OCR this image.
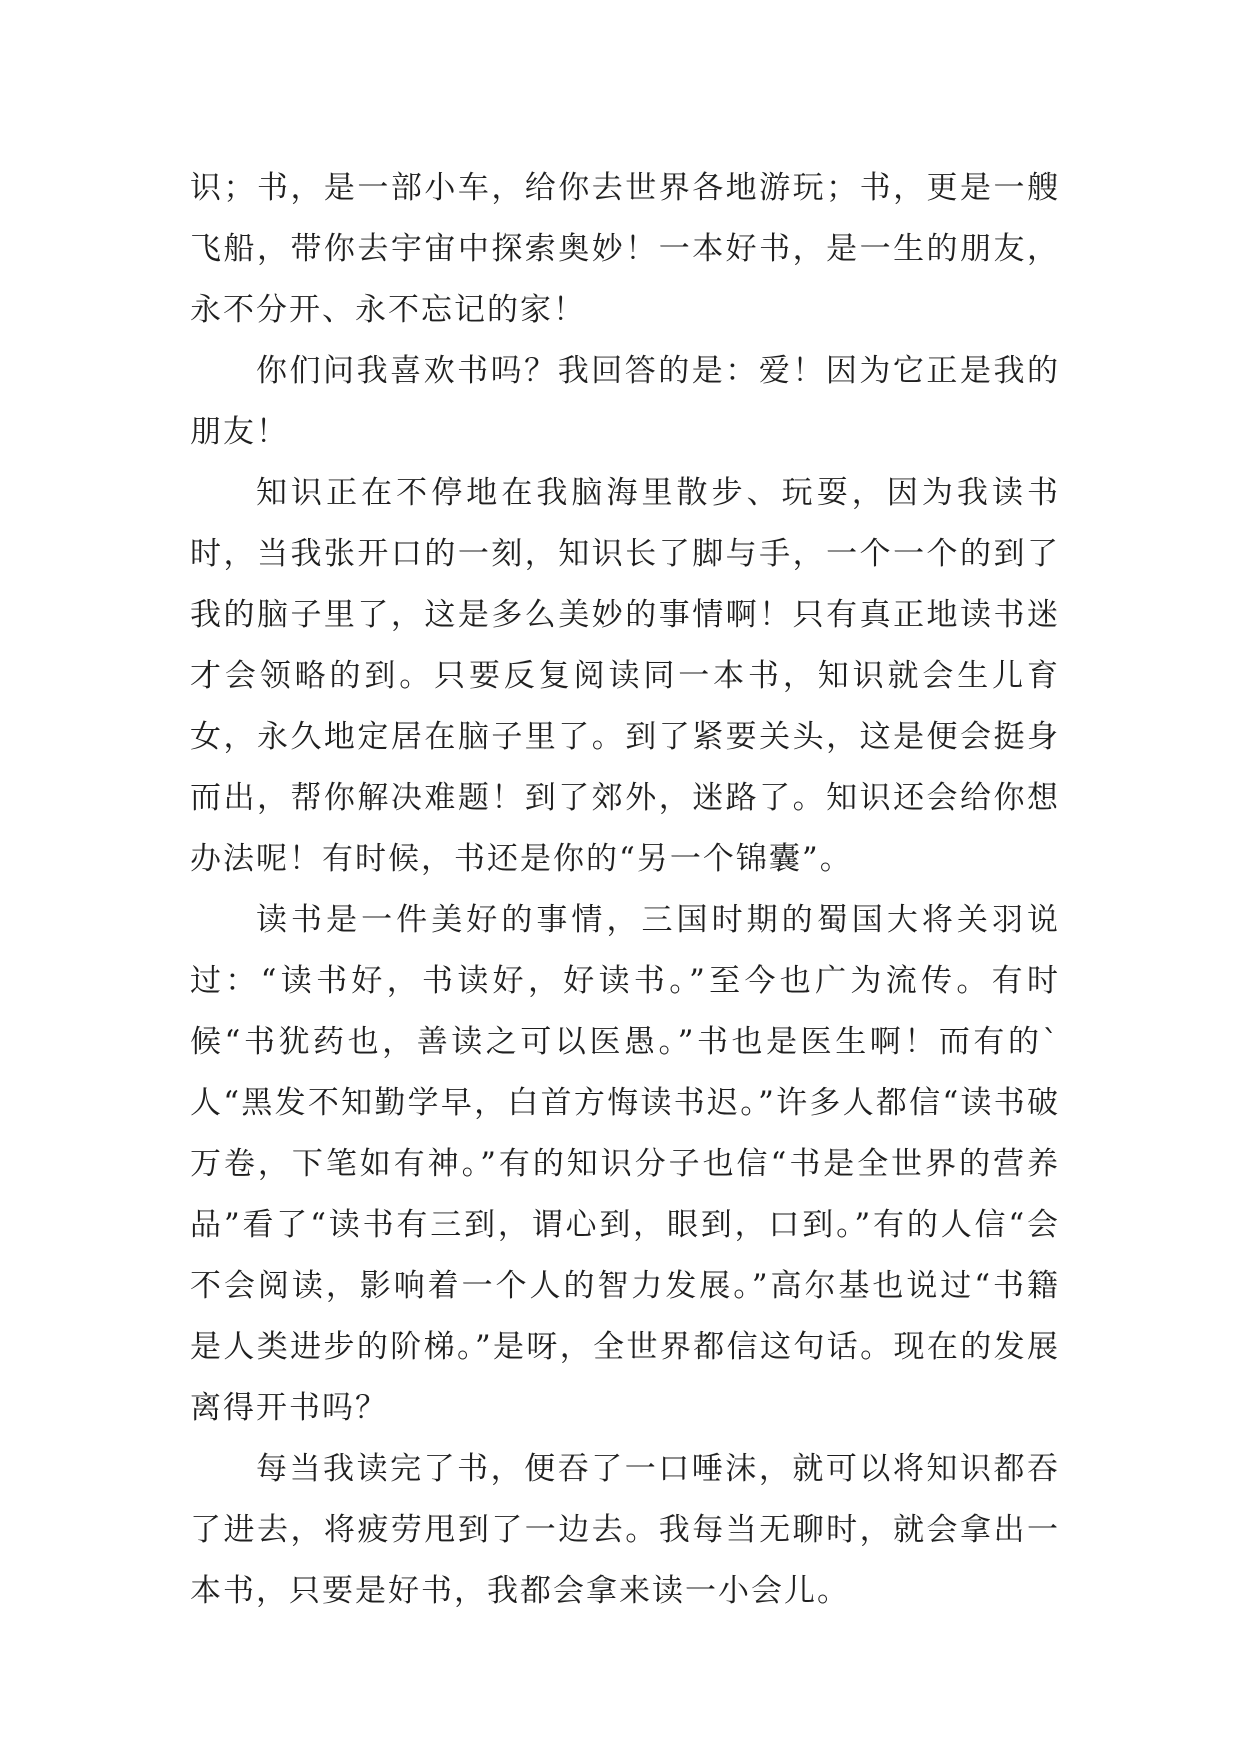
识；书，是一部小车，给你去世界各地游玩；书，更是一艘飞船，带你去宇宙中探索奥妙！一本好书，是一生的朋友，永不分开、永不忘记的家！

你们问我喜欢书吗？我回答的是：爱！因为它正是我的朋友！

知识正在不停地在我脑海里散步、玩耍，因为我读书时，当我张开口的一刻，知识长了脚与手，一个一个的到了我的脑子里了，这是多么美妙的事情啊！只有真正地读书迷才会领略的到。只要反复阅读同一本书，知识就会生儿育女，永久地定居在脑子里了。到了紧要关头，这是便会挺身而出，帮你解决难题！到了郊外，迷路了。知识还会给你想办法呢！有时候，书还是你的“另一个锦囊”。

读书是一件美好的事情，三国时期的蜀国大将关羽说过：“读书好，书读好，好读书。”至今也广为流传。有时候“书犹药也，善读之可以医愚。”书也是医生啊！而有的`人“黑发不知勤学早，白首方悔读书迟。”许多人都信“读书破万卷，下笔如有神。”有的知识分子也信“书是全世界的营养品”看了“读书有三到，谓心到，眼到，口到。”有的人信“会不会阅读，影响着一个人的智力发展。”高尔基也说过“书籍是人类进步的阶梯。”是呀，全世界都信这句话。现在的发展离得开书吗？

每当我读完了书，便吞了一口唾沫，就可以将知识都吞了进去，将疲劳甩到了一边去。我每当无聊时，就会拿出一本书，只要是好书，我都会拿来读一小会儿。
